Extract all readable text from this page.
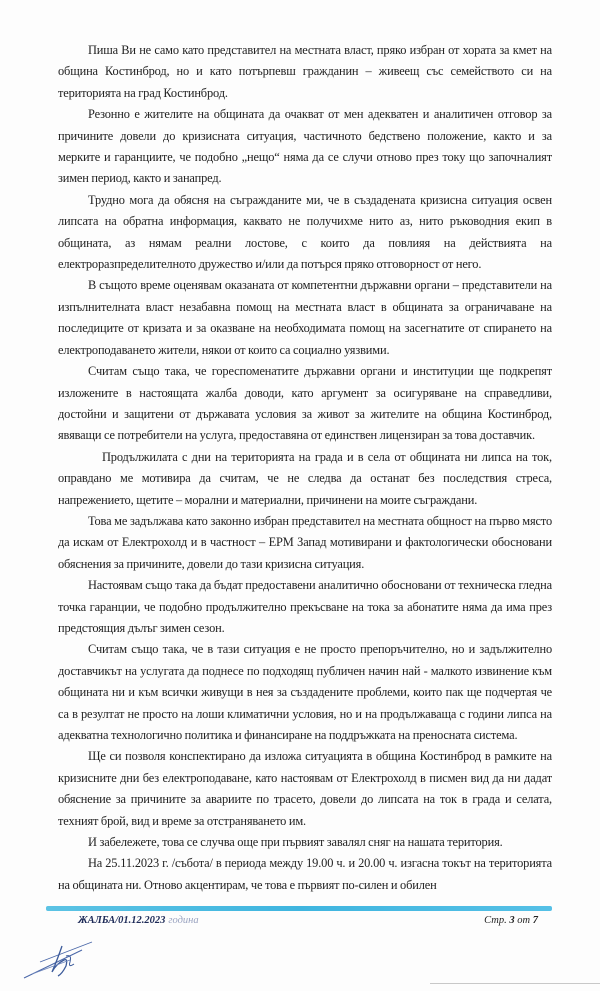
Пиша Ви не само като представител на местната власт, пряко избран от хората за кмет на община Костинброд, но и като потърпевш гражданин – живеещ със семейството си на територията на град Костинброд.

Резонно е жителите на общината да очакват от мен адекватен и аналитичен отговор за причините довели до кризисната ситуация, частичното бедствено положение, както и за мерките и гаранциите, че подобно „нещо“ няма да се случи отново през току що започналият зимен период, както и занапред.

Трудно мога да обясня на съгражданите ми, че в създадената кризисна ситуация освен липсата на обратна информация, каквато не получихме нито аз, нито ръководния екип в общината, аз нямам реални лостове, с които да повлияя на действията на електроразпределителното дружество и/или да потърся пряко отговорност от него.

В същото време оценявам оказаната от компетентни държавни органи – представители на изпълнителната власт незабавна помощ на местната власт в общината за ограничаване на последиците от кризата и за оказване на необходимата помощ на засегнатите от спирането на електроподаването жители, някои от които са социално уязвими.

Считам също така, че гореспоменатите държавни органи и институции ще подкрепят изложените в настоящата жалба доводи, като аргумент за осигуряване на справедливи, достойни и защитени от държавата условия за живот за жителите на община Костинброд, явяващи се потребители на услуга, предоставяна от единствен лицензиран за това доставчик.

Продължилата с дни на територията на града и в села от общината ни липса на ток, оправдано ме мотивира да считам, че не следва да останат без последствия стреса, напрежението, щетите – морални и материални, причинени на моите съграждани.

Това ме задължава като законно избран представител на местната общност на първо място да искам от Електрохолд и в частност – ЕРМ Запад мотивирани и фактологически обосновани обяснения за причините, довели до тази кризисна ситуация.

Настоявам също така да бъдат предоставени аналитично обосновани от техническа гледна точка гаранции, че подобно продължително прекъсване на тока за абонатите няма да има през предстоящия дълъг зимен сезон.

Считам също така, че в тази ситуация е не просто препоръчително, но и задължително доставчикът на услугата да поднесе по подходящ публичен начин най - малкото извинение към общината ни и към всички живущи в нея за създадените проблеми, които пак ще подчертая че са в резултат не просто на лоши климатични условия, но и на продължаваща с години липса на адекватна технологично политика и финансиране на поддръжката на преносната система.

Ще си позволя конспектирано да изложа ситуацията в община Костинброд в рамките на кризисните дни без електроподаване, като настоявам от Електрохолд в писмен вид да ни дадат обяснение за причините за авариите по трасето, довели до липсата на ток в града и селата, техният брой, вид и време за отстраняването им.

И забележете, това се случва още при първият завалял сняг на нашата територия.

На 25.11.2023 г. /събота/ в периода между 19.00 ч. и 20.00 ч. изгасна токът на територията на общината ни. Отново акцентирам, че това е първият по-силен и обилен

ЖАЛБА/01.12.2023 година	Стр. 3 от 7
